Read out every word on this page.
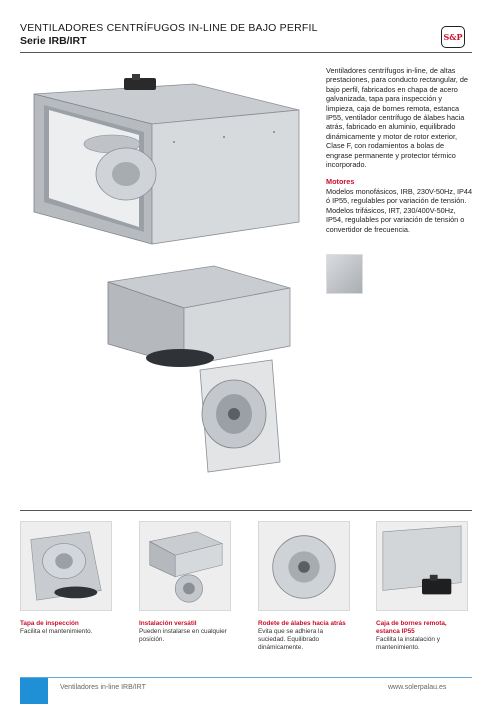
VENTILADORES CENTRÍFUGOS IN-LINE DE BAJO PERFIL
Serie IRB/IRT	S&P

Ventiladores centrífugos in-line, de altas prestaciones, para conducto rectangular, de bajo perfil, fabricados en chapa de acero galvanizada, tapa para inspección y limpieza, caja de bornes remota, estanca IP55, ventilador centrífugo de álabes hacia atrás, fabricado en aluminio, equilibrado dinámicamente y motor de rotor exterior, Clase F, con rodamientos a bolas de engrase permanente y protector térmico incorporado.

Motores

Modelos monofásicos, IRB, 230V-50Hz, IP44 ó IP55, regulables por variación de tensión.

Modelos trifásicos, IRT, 230/400V-50Hz, IP54, regulables por variación de tensión o convertidor de frecuencia.

Tapa de inspección
Facilita el mantenimiento.
Instalación versátil
Pueden instalarse en cualquier posición.
Rodete de álabes hacia atrás
Evita que se adhiera la suciedad. Equilibrado dinámicamente.
Caja de bornes remota, estanca IP55
Facilita la instalación y mantenimiento.
Ventiladores in-line IRB/IRT	www.solerpalau.es
